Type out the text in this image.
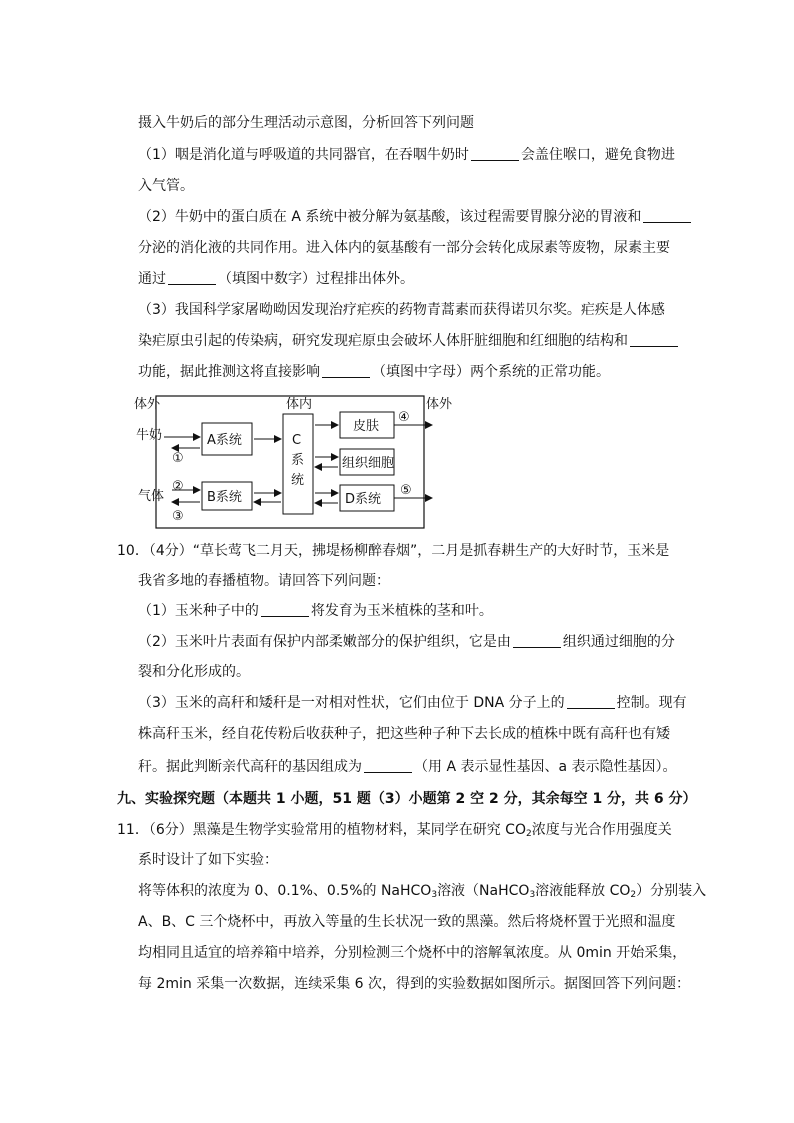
摄入牛奶后的部分生理活动示意图，分析回答下列问题
（1）咽是消化道与呼吸道的共同器官，在吞咽牛奶时	会盖住喉口，避免食物进
入气管。
（2）牛奶中的蛋白质在 A 系统中被分解为氨基酸，该过程需要胃腺分泌的胃液和
分泌的消化液的共同作用。进入体内的氨基酸有一部分会转化成尿素等废物，尿素主要
通过	（填图中数字）过程排出体外。
（3）我国科学家屠呦呦因发现治疗疟疾的药物青蒿素而获得诺贝尔奖。疟疾是人体感
染疟原虫引起的传染病，研究发现疟原虫会破坏人体肝脏细胞和红细胞的结构和
功能，据此推测这将直接影响	（填图中字母）两个系统的正常功能。
体外	体内	体外
牛奶
气体
A系统
B系统
C
系
统
皮肤
组织细胞
D系统
①
②
③
④
⑤
10．（4分）“草长莺飞二月天，拂堤杨柳醉春烟”，二月是抓春耕生产的大好时节，玉米是
我省多地的春播植物。请回答下列问题：
（1）玉米种子中的	将发育为玉米植株的茎和叶。
（2）玉米叶片表面有保护内部柔嫩部分的保护组织，它是由	组织通过细胞的分
裂和分化形成的。
（3）玉米的高秆和矮秆是一对相对性状，它们由位于 DNA 分子上的	控制。现有
株高秆玉米，经自花传粉后收获种子，把这些种子种下去长成的植株中既有高秆也有矮
秆。据此判断亲代高秆的基因组成为	（用 A 表示显性基因、a 表示隐性基因）。
九、实验探究题（本题共 1 小题，51 题（3）小题第 2 空 2 分，其余每空 1 分，共 6 分）
11．（6分）黑藻是生物学实验常用的植物材料，某同学在研究 $CO_2$浓度与光合作用强度关
系时设计了如下实验：
将等体积的浓度为 0、0.1%、0.5%的 NaHCO$_3$溶液（NaHCO$_3$溶液能释放 $CO_2$）分别装入
A、B、C 三个烧杯中，再放入等量的生长状况一致的黑藻。然后将烧杯置于光照和温度
均相同且适宜的培养箱中培养，分别检测三个烧杯中的溶解氧浓度。从 0min 开始采集，
每 2min 采集一次数据，连续采集 6 次，得到的实验数据如图所示。据图回答下列问题：
